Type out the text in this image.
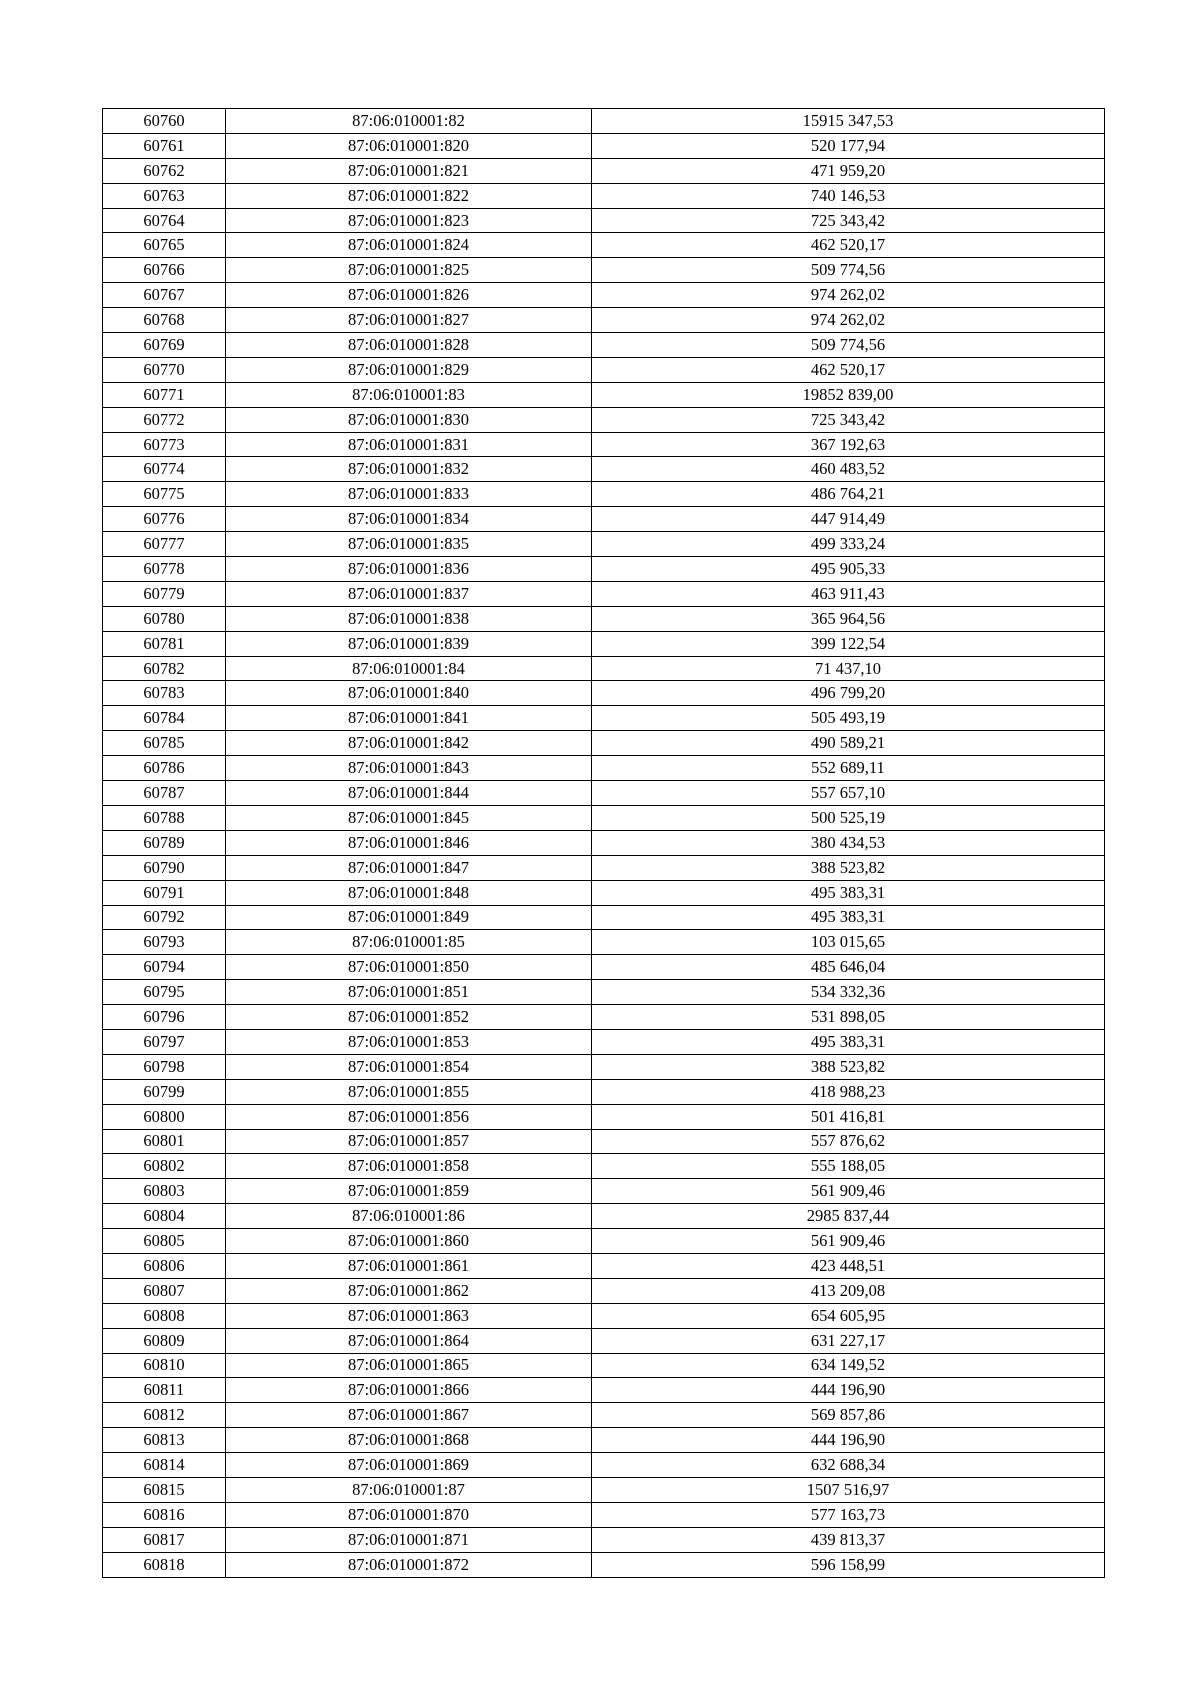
60760	87:06:010001:82	15915 347,53
60761	87:06:010001:820	520 177,94
60762	87:06:010001:821	471 959,20
60763	87:06:010001:822	740 146,53
60764	87:06:010001:823	725 343,42
60765	87:06:010001:824	462 520,17
60766	87:06:010001:825	509 774,56
60767	87:06:010001:826	974 262,02
60768	87:06:010001:827	974 262,02
60769	87:06:010001:828	509 774,56
60770	87:06:010001:829	462 520,17
60771	87:06:010001:83	19852 839,00
60772	87:06:010001:830	725 343,42
60773	87:06:010001:831	367 192,63
60774	87:06:010001:832	460 483,52
60775	87:06:010001:833	486 764,21
60776	87:06:010001:834	447 914,49
60777	87:06:010001:835	499 333,24
60778	87:06:010001:836	495 905,33
60779	87:06:010001:837	463 911,43
60780	87:06:010001:838	365 964,56
60781	87:06:010001:839	399 122,54
60782	87:06:010001:84	71 437,10
60783	87:06:010001:840	496 799,20
60784	87:06:010001:841	505 493,19
60785	87:06:010001:842	490 589,21
60786	87:06:010001:843	552 689,11
60787	87:06:010001:844	557 657,10
60788	87:06:010001:845	500 525,19
60789	87:06:010001:846	380 434,53
60790	87:06:010001:847	388 523,82
60791	87:06:010001:848	495 383,31
60792	87:06:010001:849	495 383,31
60793	87:06:010001:85	103 015,65
60794	87:06:010001:850	485 646,04
60795	87:06:010001:851	534 332,36
60796	87:06:010001:852	531 898,05
60797	87:06:010001:853	495 383,31
60798	87:06:010001:854	388 523,82
60799	87:06:010001:855	418 988,23
60800	87:06:010001:856	501 416,81
60801	87:06:010001:857	557 876,62
60802	87:06:010001:858	555 188,05
60803	87:06:010001:859	561 909,46
60804	87:06:010001:86	2985 837,44
60805	87:06:010001:860	561 909,46
60806	87:06:010001:861	423 448,51
60807	87:06:010001:862	413 209,08
60808	87:06:010001:863	654 605,95
60809	87:06:010001:864	631 227,17
60810	87:06:010001:865	634 149,52
60811	87:06:010001:866	444 196,90
60812	87:06:010001:867	569 857,86
60813	87:06:010001:868	444 196,90
60814	87:06:010001:869	632 688,34
60815	87:06:010001:87	1507 516,97
60816	87:06:010001:870	577 163,73
60817	87:06:010001:871	439 813,37
60818	87:06:010001:872	596 158,99
